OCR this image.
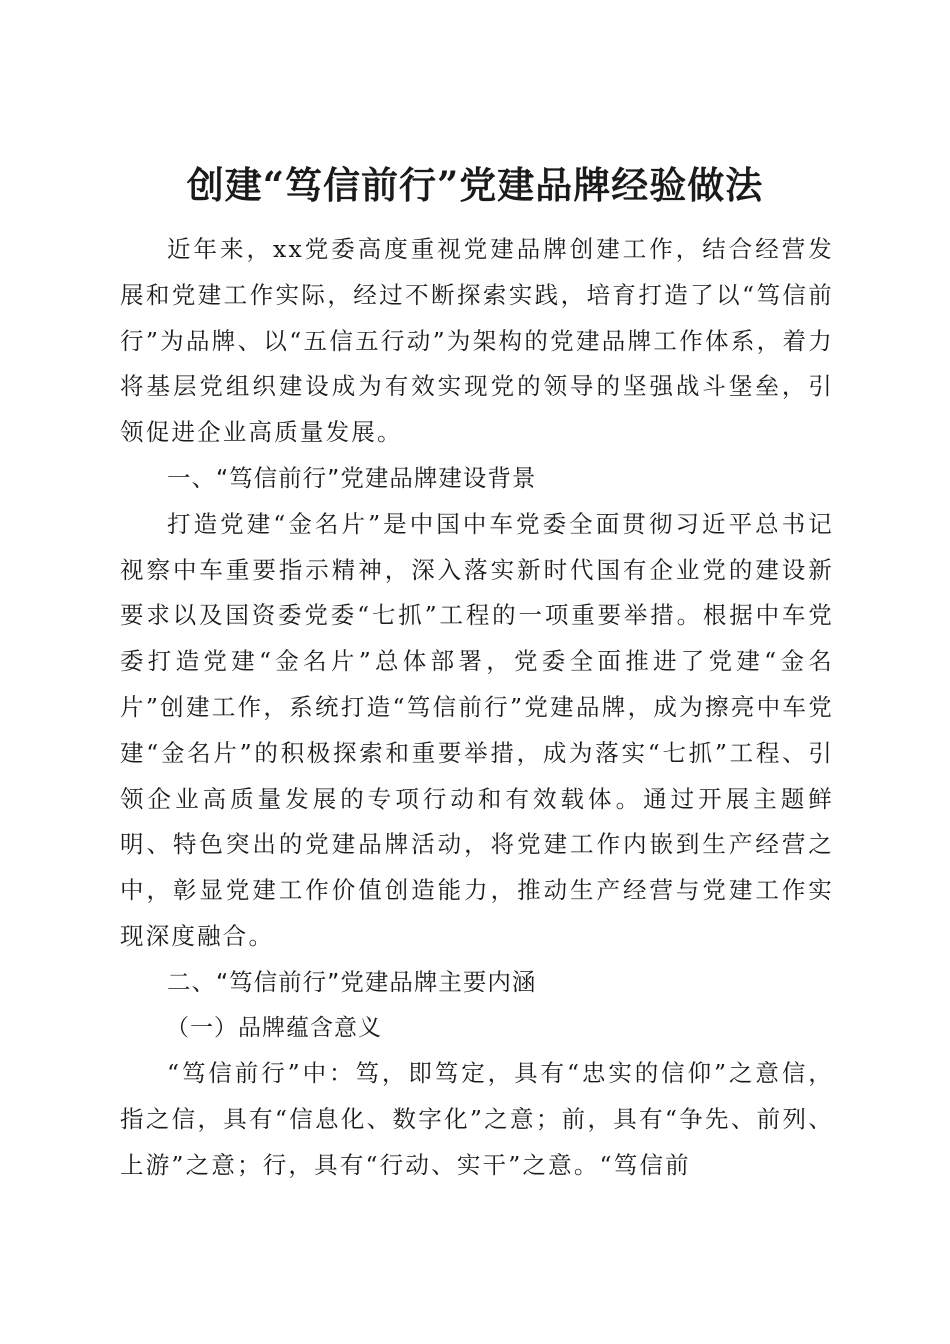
创建“笃信前行”党建品牌经验做法

近年来，xx党委高度重视党建品牌创建工作，结合经营发展和党建工作实际，经过不断探索实践，培育打造了以“笃信前行”为品牌、以“五信五行动”为架构的党建品牌工作体系，着力将基层党组织建设成为有效实现党的领导的坚强战斗堡垒，引领促进企业高质量发展。

一、“笃信前行”党建品牌建设背景

打造党建“金名片”是中国中车党委全面贯彻习近平总书记视察中车重要指示精神，深入落实新时代国有企业党的建设新要求以及国资委党委“七抓”工程的一项重要举措。根据中车党委打造党建“金名片”总体部署，党委全面推进了党建“金名片”创建工作，系统打造“笃信前行”党建品牌，成为擦亮中车党建“金名片”的积极探索和重要举措，成为落实“七抓”工程、引领企业高质量发展的专项行动和有效载体。通过开展主题鲜明、特色突出的党建品牌活动，将党建工作内嵌到生产经营之中，彰显党建工作价值创造能力，推动生产经营与党建工作实现深度融合。

二、“笃信前行”党建品牌主要内涵
（一）品牌蕴含意义

“笃信前行”中：笃，即笃定，具有“忠实的信仰”之意信，指之信，具有“信息化、数字化”之意；前，具有“争先、前列、上游”之意；行，具有“行动、实干”之意。“笃信前
